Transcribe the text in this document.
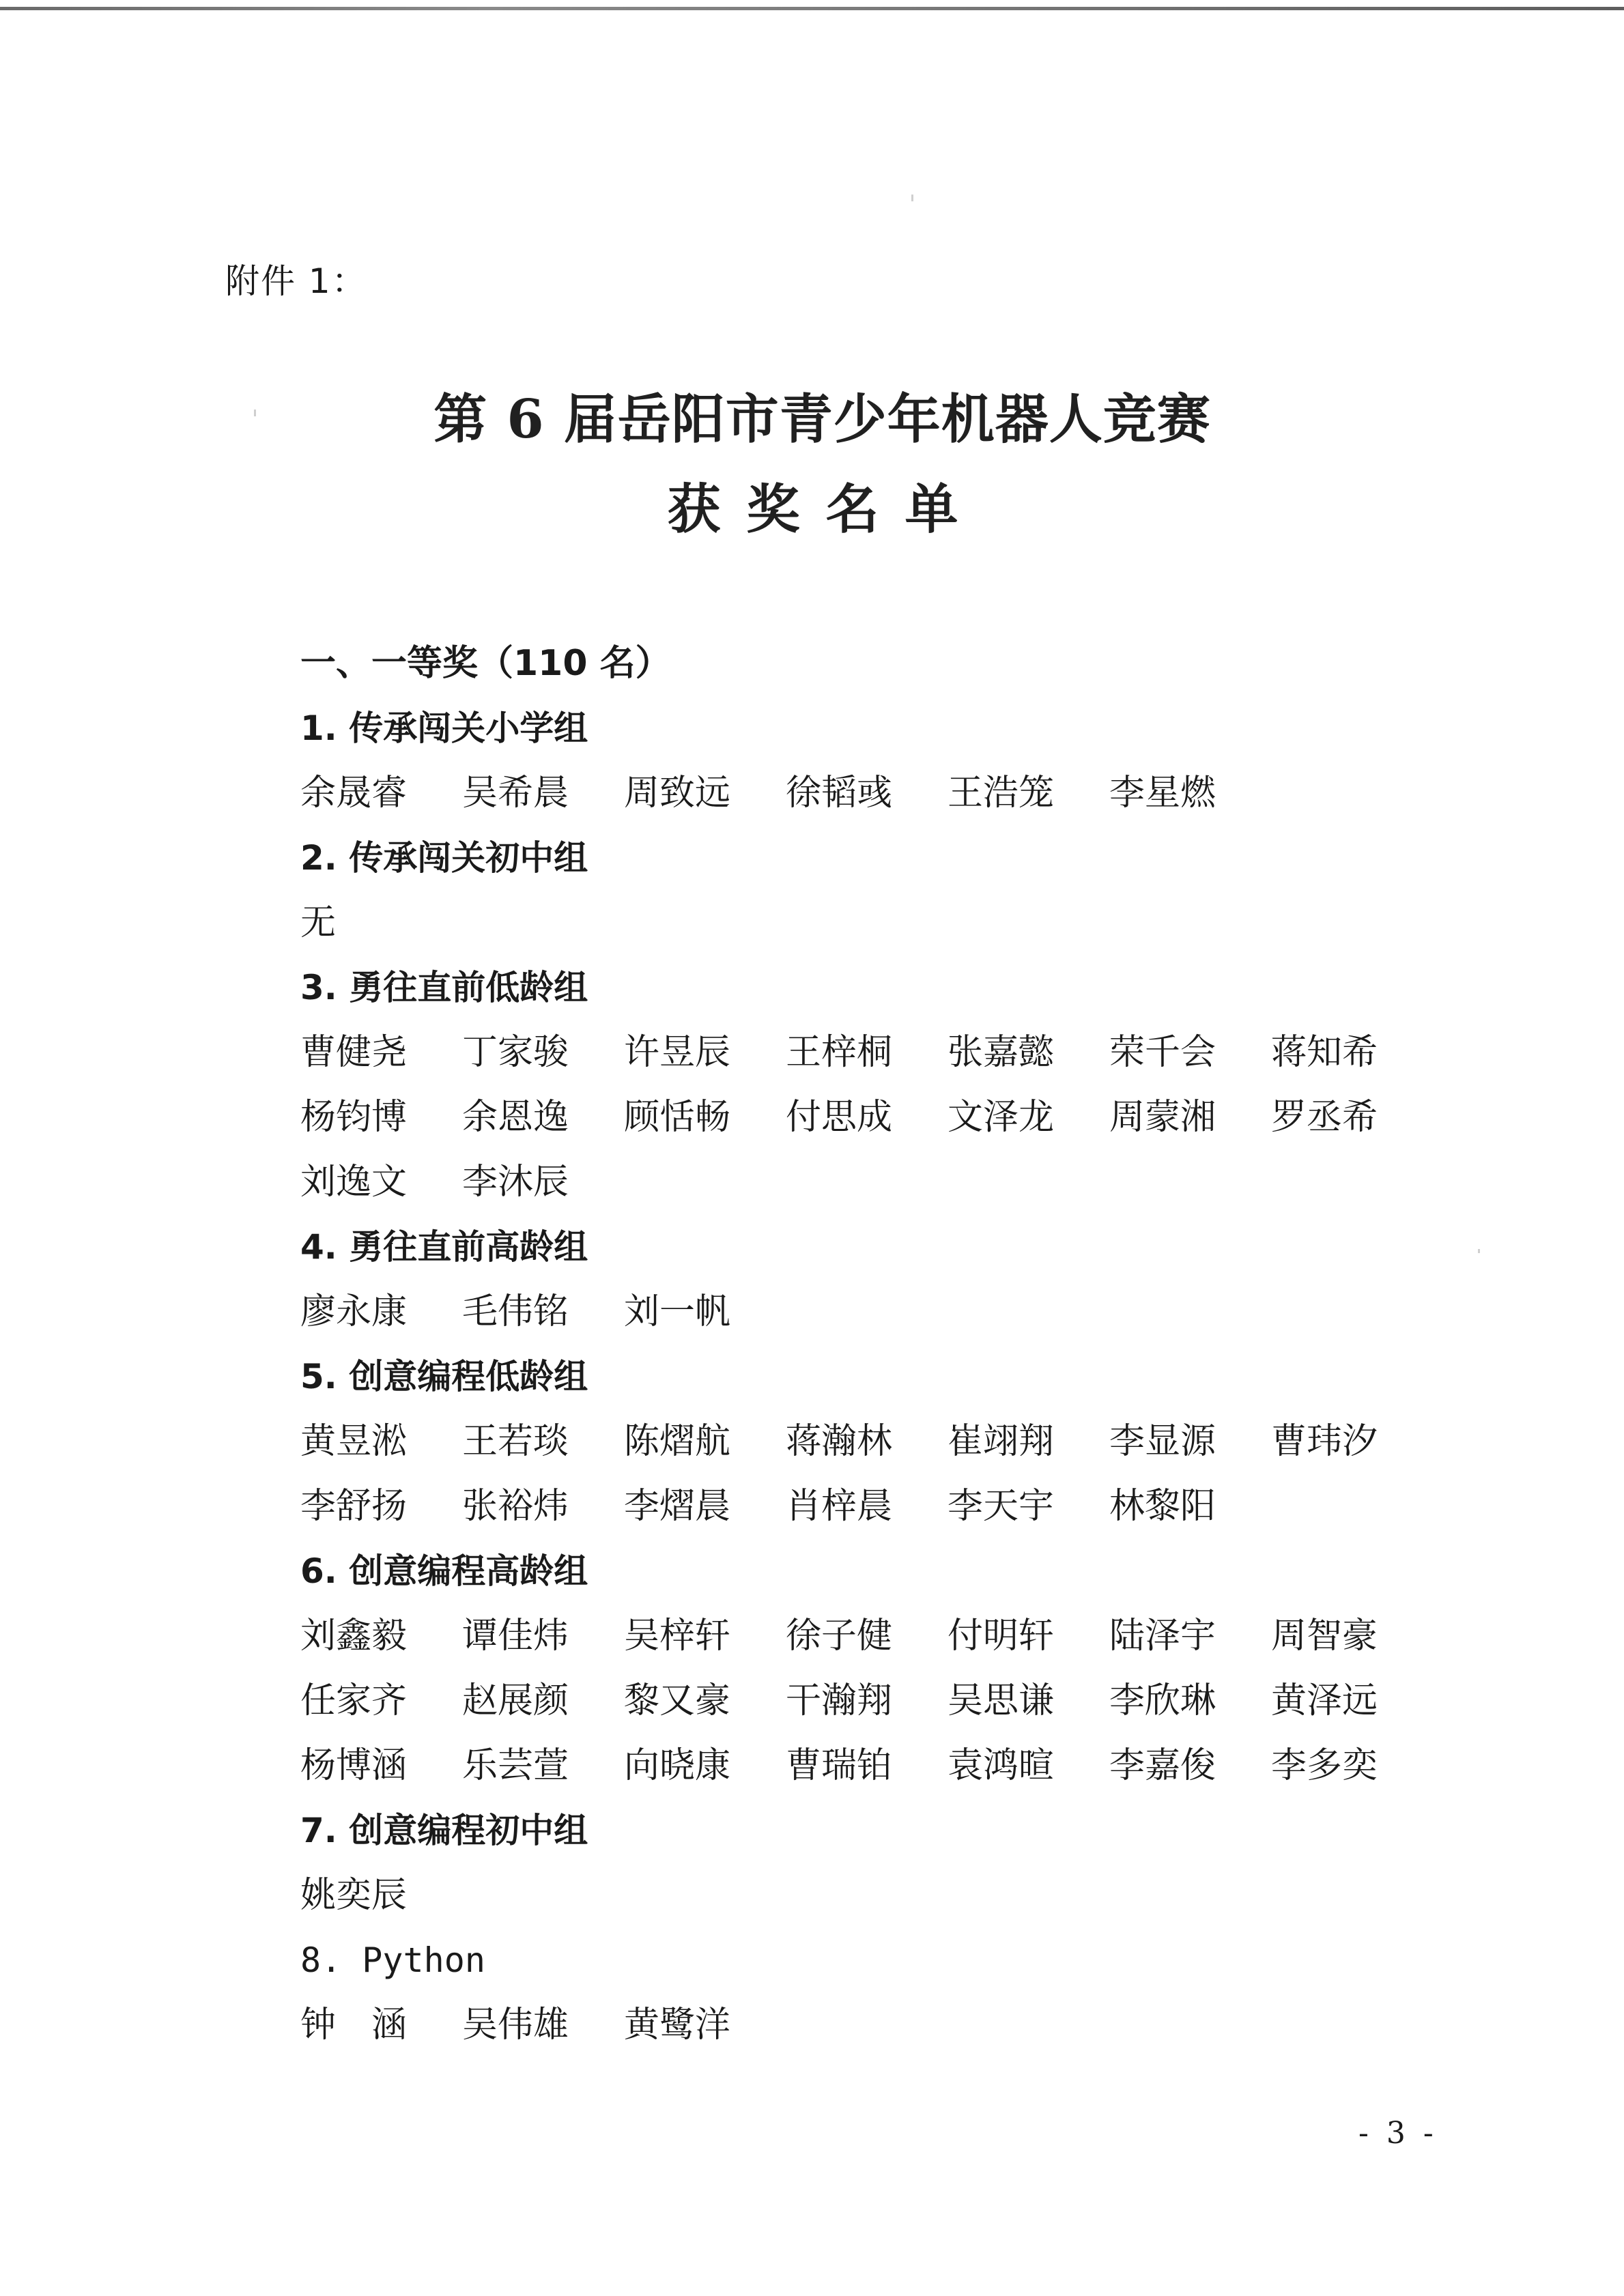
附件 1：
第 6 届岳阳市青少年机器人竞赛
获奖名单
一、一等奖（110 名）
1. 传承闯关小学组
余晟睿	吴希晨	周致远	徐韬彧	王浩笼	李星燃
2. 传承闯关初中组
无
3. 勇往直前低龄组
曹健尧	丁家骏	许昱辰	王梓桐	张嘉懿	荣千会	蒋知希
杨钧博	余恩逸	顾恬畅	付思成	文泽龙	周蒙湘	罗丞希
刘逸文	李沐辰
4. 勇往直前高龄组
廖永康	毛伟铭	刘一帆
5. 创意编程低龄组
黄昱淞	王若琰	陈熠航	蒋瀚林	崔翊翔	李显源	曹玮汐
李舒扬	张裕炜	李熠晨	肖梓晨	李天宇	林黎阳
6. 创意编程高龄组
刘鑫毅	谭佳炜	吴梓轩	徐子健	付明轩	陆泽宇	周智豪
任家齐	赵展颜	黎又豪	干瀚翔	吴思谦	李欣琳	黄泽远
杨博涵	乐芸萱	向晓康	曹瑞铂	袁鸿暄	李嘉俊	李多奕
7. 创意编程初中组
姚奕辰
8. Python
钟　涵	吴伟雄	黄鹭洋
- 3 -
